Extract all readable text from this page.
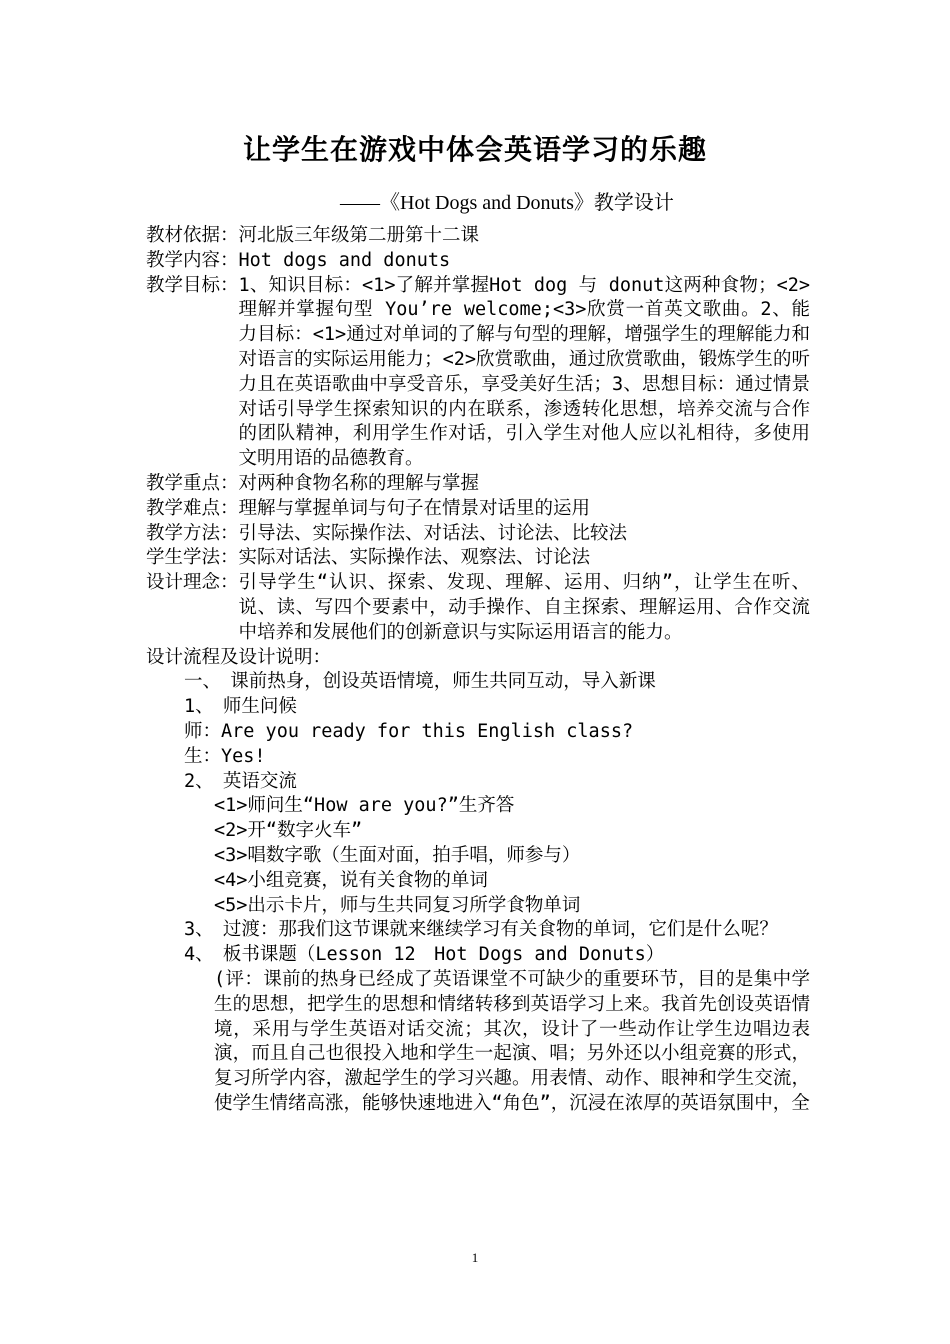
让学生在游戏中体会英语学习的乐趣
——《Hot Dogs and Donuts》教学设计
教材依据： 河北版三年级第二册第十二课
教学内容： Hot dogs and donuts
教学目标： 1、知识目标：<1>了解并掌握Hot dog 与 donut这两种食物；<2>理解并掌握句型 You’re welcome;<3>欣赏一首英文歌曲。2、能力目标：<1>通过对单词的了解与句型的理解，增强学生的理解能力和对语言的实际运用能力；<2>欣赏歌曲，通过欣赏歌曲，锻炼学生的听力且在英语歌曲中享受音乐，享受美好生活；3、思想目标：通过情景对话引导学生探索知识的内在联系，渗透转化思想，培养交流与合作的团队精神，利用学生作对话，引入学生对他人应以礼相待，多使用文明用语的品德教育。
教学重点： 对两种食物名称的理解与掌握
教学难点： 理解与掌握单词与句子在情景对话里的运用
教学方法： 引导法、实际操作法、对话法、讨论法、比较法
学生学法： 实际对话法、实际操作法、观察法、讨论法
设计理念： 引导学生“认识、探索、发现、理解、运用、归纳”，让学生在听、说、读、写四个要素中，动手操作、自主探索、理解运用、合作交流中培养和发展他们的创新意识与实际运用语言的能力。
设计流程及设计说明：
一、　课前热身，创设英语情境，师生共同互动，导入新课
1、　师生问候
师：Are you ready for this English class?
生：Yes!
2、　英语交流
<1>师问生“How are you?”生齐答
<2>开“数字火车”
<3>唱数字歌（生面对面，拍手唱，师参与）
<4>小组竞赛，说有关食物的单词
<5>出示卡片，师与生共同复习所学食物单词
3、　过渡：那我们这节课就来继续学习有关食物的单词，它们是什么呢？
4、　板书课题（Lesson 12　Hot Dogs and Donuts）
(评：课前的热身已经成了英语课堂不可缺少的重要环节，目的是集中学生的思想，把学生的思想和情绪转移到英语学习上来。我首先创设英语情境，采用与学生英语对话交流；其次，设计了一些动作让学生边唱边表演，而且自己也很投入地和学生一起演、唱；另外还以小组竞赛的形式，复习所学内容，激起学生的学习兴趣。用表情、动作、眼神和学生交流，使学生情绪高涨，能够快速地进入“角色”，沉浸在浓厚的英语氛围中，全
1
